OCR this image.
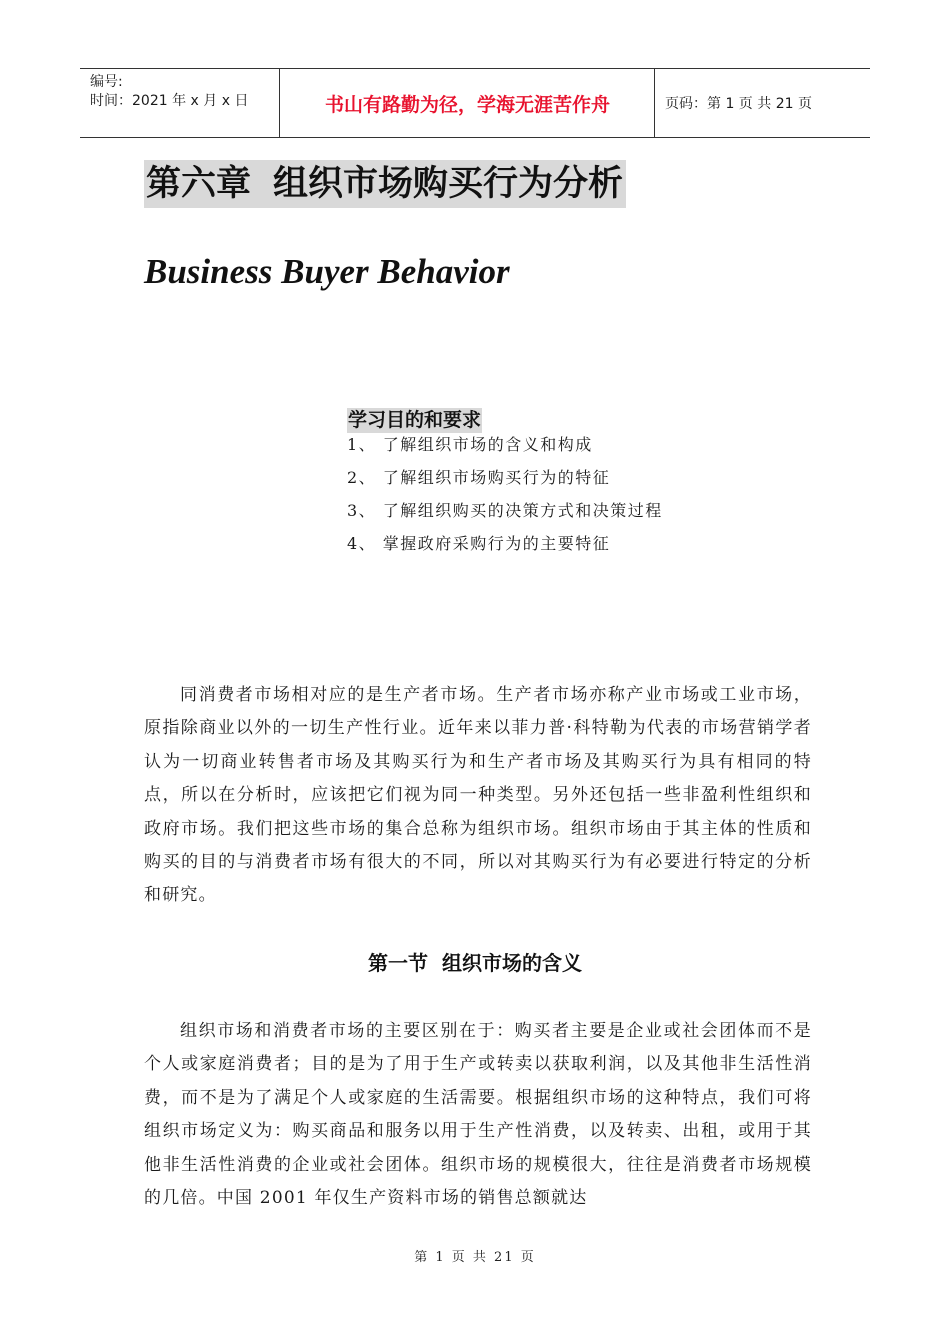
编号:
时间：2021 年 x 月 x 日	书山有路勤为径，学海无涯苦作舟	页码：第 1 页 共 21 页
第六章 组织市场购买行为分析
Business Buyer Behavior
学习目的和要求
1、 了解组织市场的含义和构成
2、 了解组织市场购买行为的特征
3、 了解组织购买的决策方式和决策过程
4、 掌握政府采购行为的主要特征

同消费者市场相对应的是生产者市场。生产者市场亦称产业市场或工业市场，原指除商业以外的一切生产性行业。近年来以菲力普·科特勒为代表的市场营销学者认为一切商业转售者市场及其购买行为和生产者市场及其购买行为具有相同的特点，所以在分析时，应该把它们视为同一种类型。另外还包括一些非盈利性组织和政府市场。我们把这些市场的集合总称为组织市场。组织市场由于其主体的性质和购买的目的与消费者市场有很大的不同，所以对其购买行为有必要进行特定的分析和研究。

第一节 组织市场的含义

组织市场和消费者市场的主要区别在于：购买者主要是企业或社会团体而不是个人或家庭消费者；目的是为了用于生产或转卖以获取利润，以及其他非生活性消费，而不是为了满足个人或家庭的生活需要。根据组织市场的这种特点，我们可将组织市场定义为：购买商品和服务以用于生产性消费，以及转卖、出租，或用于其他非生活性消费的企业或社会团体。组织市场的规模很大，往往是消费者市场规模的几倍。中国 2001 年仅生产资料市场的销售总额就达

第 1 页 共 21 页
